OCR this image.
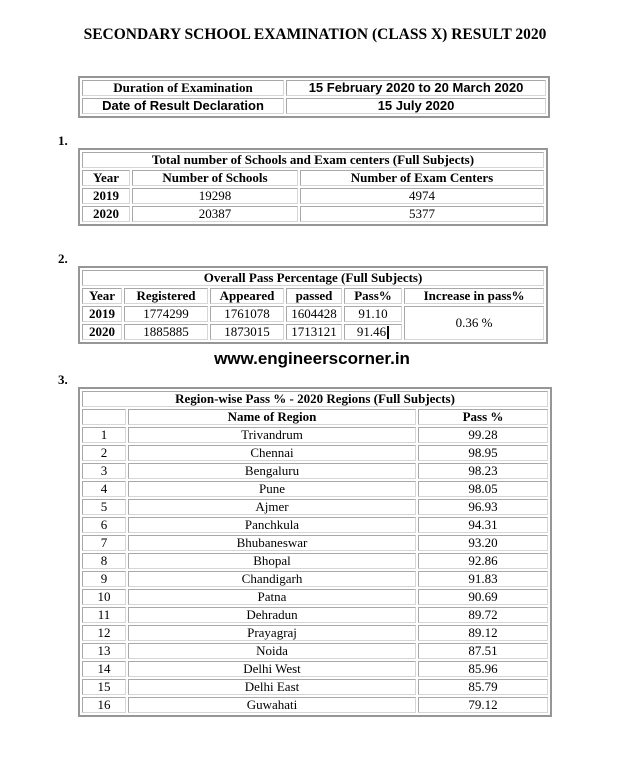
SECONDARY SCHOOL EXAMINATION (CLASS X) RESULT 2020
Duration of Examination	15 February 2020 to 20 March 2020
Date of Result Declaration	15 July 2020
1.
Total number of Schools and Exam centers (Full Subjects)		
Year	Number of Schools	Number of Exam Centers
2019	19298	4974
2020	20387	5377
2.
Overall Pass Percentage (Full Subjects)					
Year	Registered	Appeared	passed	Pass%	Increase in pass%
2019	1774299	1761078	1604428	91.10	0.36 %
2020	1885885	1873015	1713121	91.46	
www.engineerscorner.in
3.
Region-wise Pass % - 2020 Regions (Full Subjects)		
	Name of Region	Pass %
1	Trivandrum	99.28
2	Chennai	98.95
3	Bengaluru	98.23
4	Pune	98.05
5	Ajmer	96.93
6	Panchkula	94.31
7	Bhubaneswar	93.20
8	Bhopal	92.86
9	Chandigarh	91.83
10	Patna	90.69
11	Dehradun	89.72
12	Prayagraj	89.12
13	Noida	87.51
14	Delhi West	85.96
15	Delhi East	85.79
16	Guwahati	79.12
